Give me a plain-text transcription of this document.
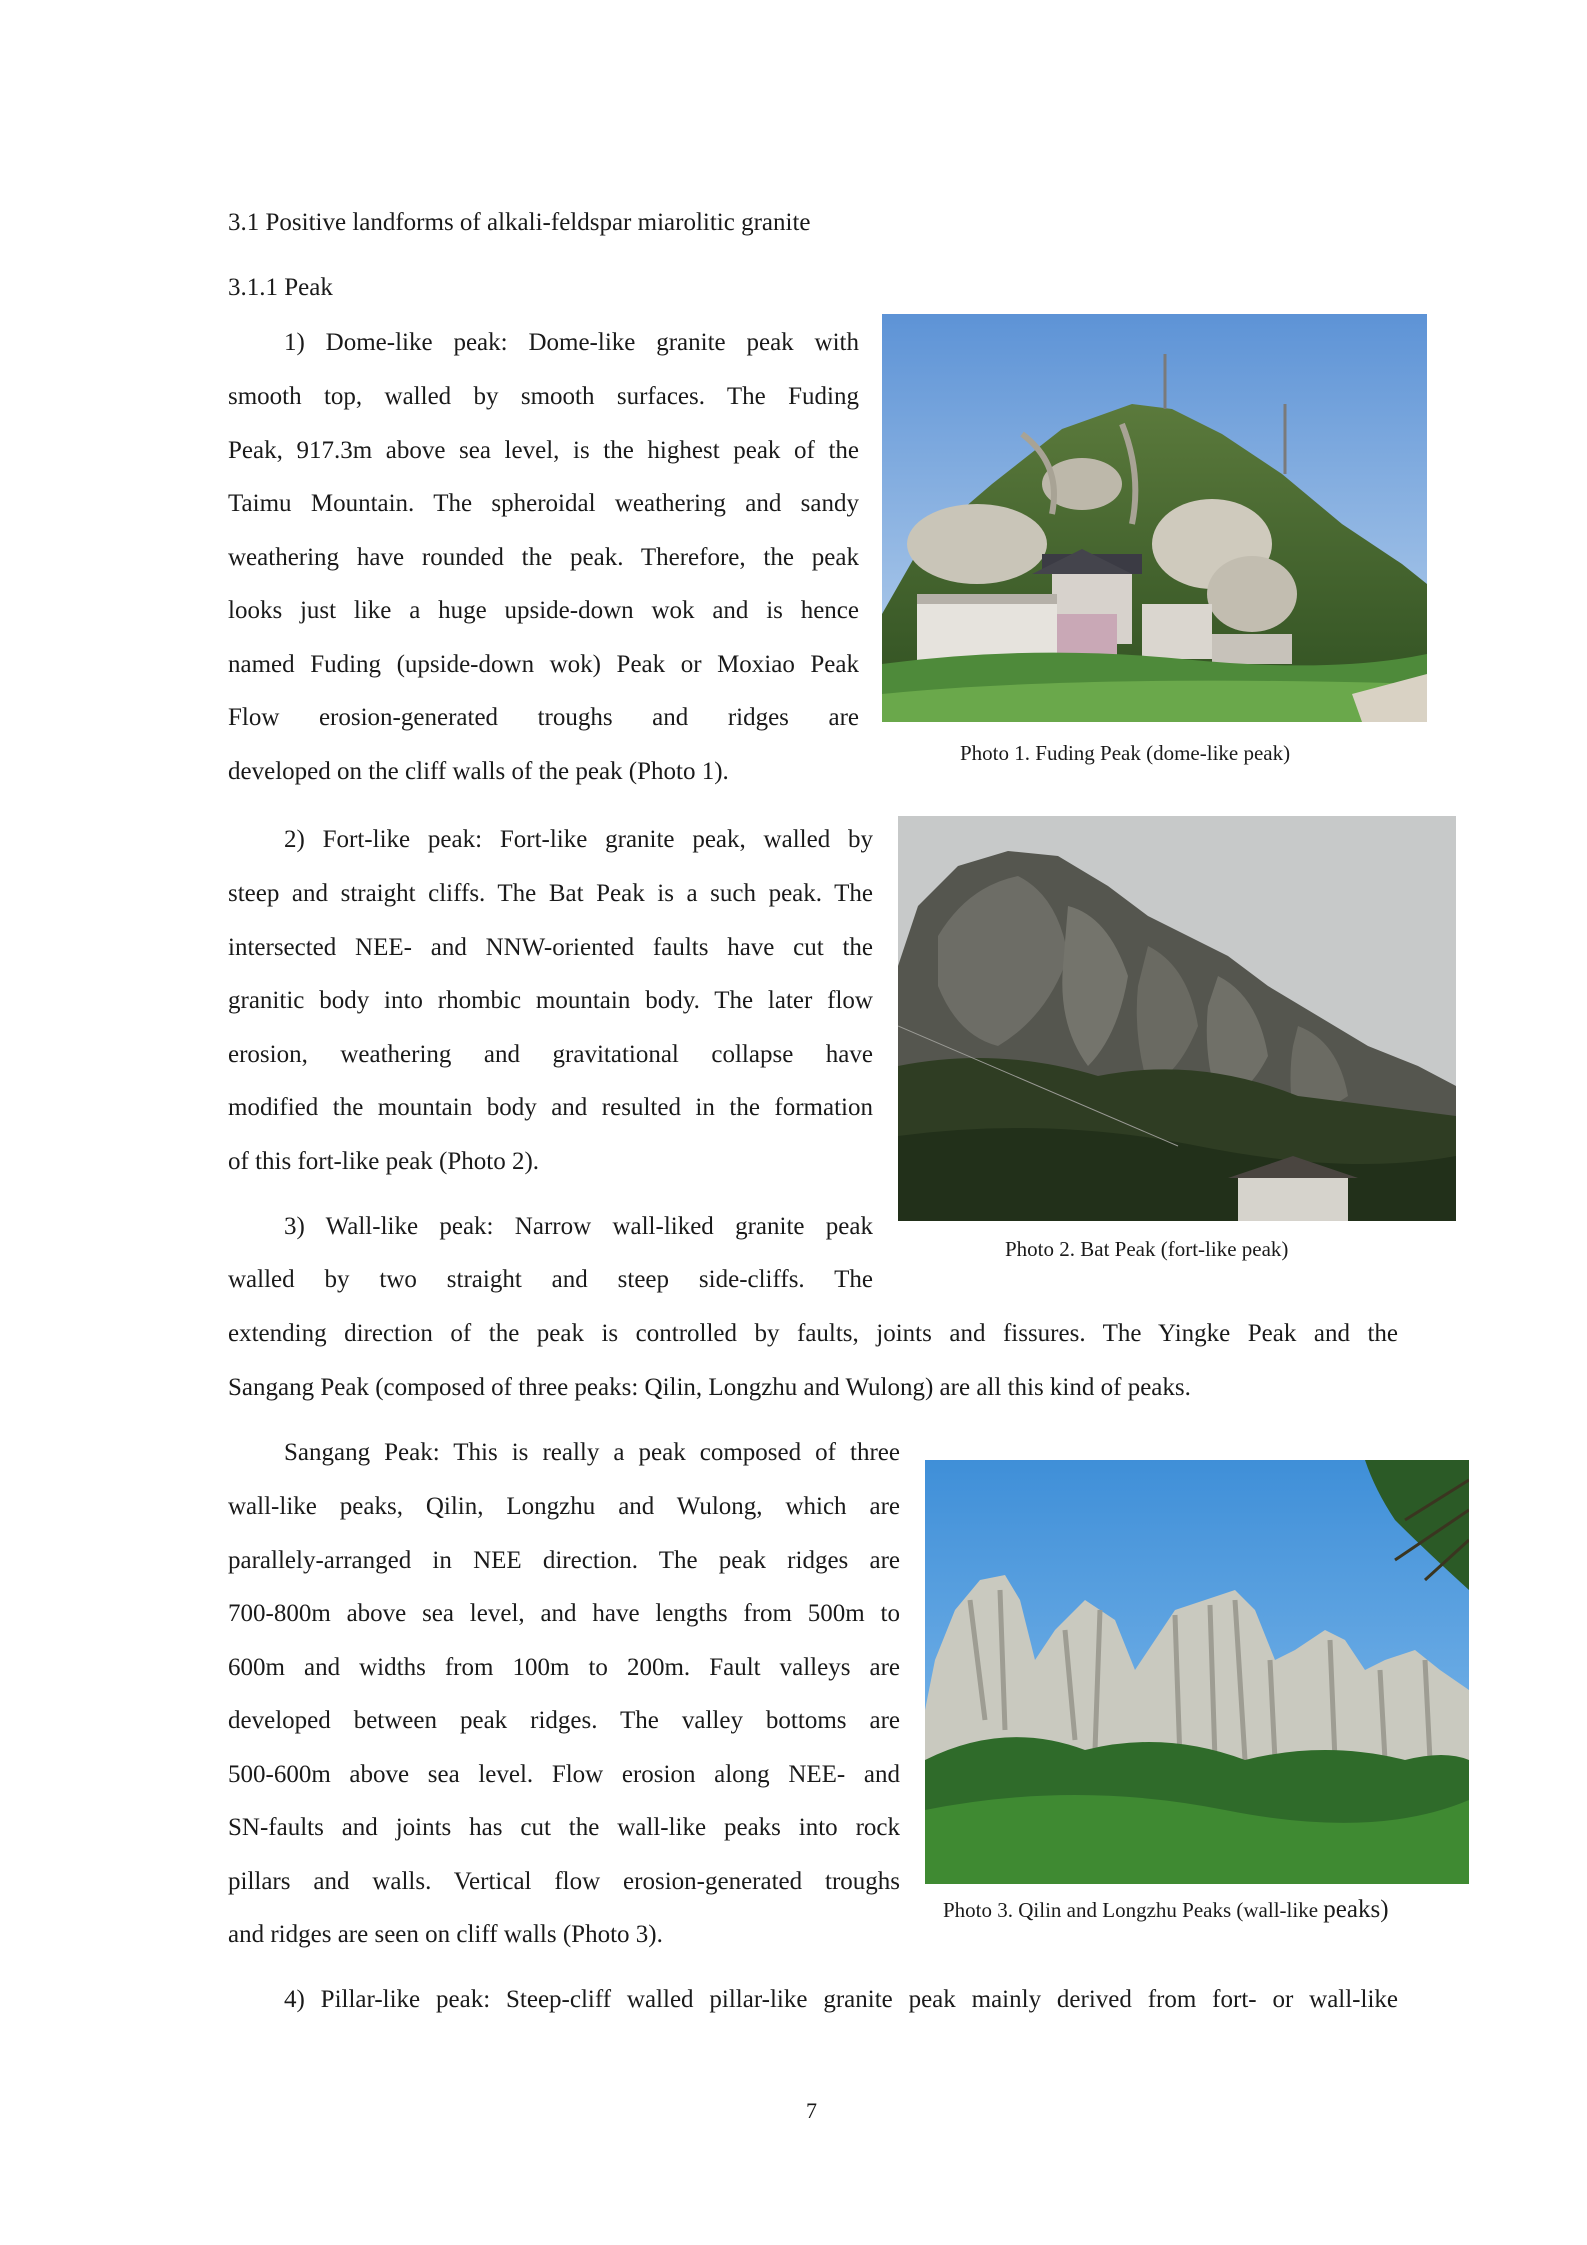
3.1 Positive landforms of alkali-feldspar miarolitic granite
3.1.1 Peak
1) Dome-like peak: Dome-like granite peak with
smooth top, walled by smooth surfaces. The Fuding
Peak, 917.3m above sea level, is the highest peak of the
Taimu Mountain. The spheroidal weathering and sandy
weathering have rounded the peak. Therefore, the peak
looks just like a huge upside-down wok and is hence
named Fuding (upside-down wok) Peak or Moxiao Peak
Flow erosion-generated troughs and ridges are
developed on the cliff walls of the peak (Photo 1).
Photo 1. Fuding Peak (dome-like peak)
2) Fort-like peak: Fort-like granite peak, walled by
steep and straight cliffs. The Bat Peak is a such peak. The
intersected NEE- and NNW-oriented faults have cut the
granitic body into rhombic mountain body. The later flow
erosion, weathering and gravitational collapse have
modified the mountain body and resulted in the formation
of this fort-like peak (Photo 2).
Photo 2. Bat Peak (fort-like peak)
3) Wall-like peak: Narrow wall-liked granite peak
walled by two straight and steep side-cliffs. The
extending direction of the peak is controlled by faults, joints and fissures. The Yingke Peak and the
Sangang Peak (composed of three peaks: Qilin, Longzhu and Wulong) are all this kind of peaks.
Sangang Peak: This is really a peak composed of three
wall-like peaks, Qilin, Longzhu and Wulong, which are
parallely-arranged in NEE direction. The peak ridges are
700-800m above sea level, and have lengths from 500m to
600m and widths from 100m to 200m. Fault valleys are
developed between peak ridges. The valley bottoms are
500-600m above sea level. Flow erosion along NEE- and
SN-faults and joints has cut the wall-like peaks into rock
pillars and walls. Vertical flow erosion-generated troughs
and ridges are seen on cliff walls (Photo 3).
Photo 3. Qilin and Longzhu Peaks (wall-like peaks)
4) Pillar-like peak: Steep-cliff walled pillar-like granite peak mainly derived from fort- or wall-like
7
